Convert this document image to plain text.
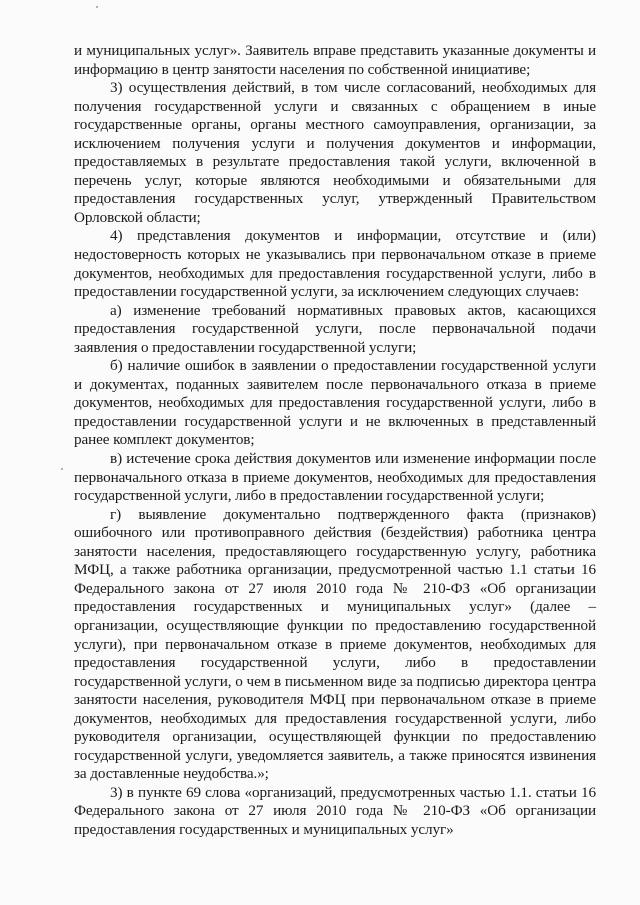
и муниципальных услуг». Заявитель вправе представить указанные документы и информацию в центр занятости населения по собственной инициативе;

3) осуществления действий, в том числе согласований, необходимых для получения государственной услуги и связанных с обращением в иные государственные органы, органы местного самоуправления, организации, за исключением получения услуги и получения документов и информации, предоставляемых в результате предоставления такой услуги, включенной в перечень услуг, которые являются необходимыми и обязательными для предоставления государственных услуг, утвержденный Правительством Орловской области;

4) представления документов и информации, отсутствие и (или) недостоверность которых не указывались при первоначальном отказе в приеме документов, необходимых для предоставления государственной услуги, либо в предоставлении государственной услуги, за исключением следующих случаев:

а) изменение требований нормативных правовых актов, касающихся предоставления государственной услуги, после первоначальной подачи заявления о предоставлении государственной услуги;

б) наличие ошибок в заявлении о предоставлении государственной услуги и документах, поданных заявителем после первоначального отказа в приеме документов, необходимых для предоставления государственной услуги, либо в предоставлении государственной услуги и не включенных в представленный ранее комплект документов;

в) истечение срока действия документов или изменение информации после первоначального отказа в приеме документов, необходимых для предоставления государственной услуги, либо в предоставлении государственной услуги;

г) выявление документально подтвержденного факта (признаков) ошибочного или противоправного действия (бездействия) работника центра занятости населения, предоставляющего государственную услугу, работника МФЦ, а также работника организации, предусмотренной частью 1.1 статьи 16 Федерального закона от 27 июля 2010 года № 210-ФЗ «Об организации предоставления государственных и муниципальных услуг» (далее – организации, осуществляющие функции по предоставлению государственной услуги), при первоначальном отказе в приеме документов, необходимых для предоставления государственной услуги, либо в предоставлении государственной услуги, о чем в письменном виде за подписью директора центра занятости населения, руководителя МФЦ при первоначальном отказе в приеме документов, необходимых для предоставления государственной услуги, либо руководителя организации, осуществляющей функции по предоставлению государственной услуги, уведомляется заявитель, а также приносятся извинения за доставленные неудобства.»;

3) в пункте 69 слова «организаций, предусмотренных частью 1.1. статьи 16 Федерального закона от 27 июля 2010 года № 210-ФЗ «Об организации предоставления государственных и муниципальных услуг»
